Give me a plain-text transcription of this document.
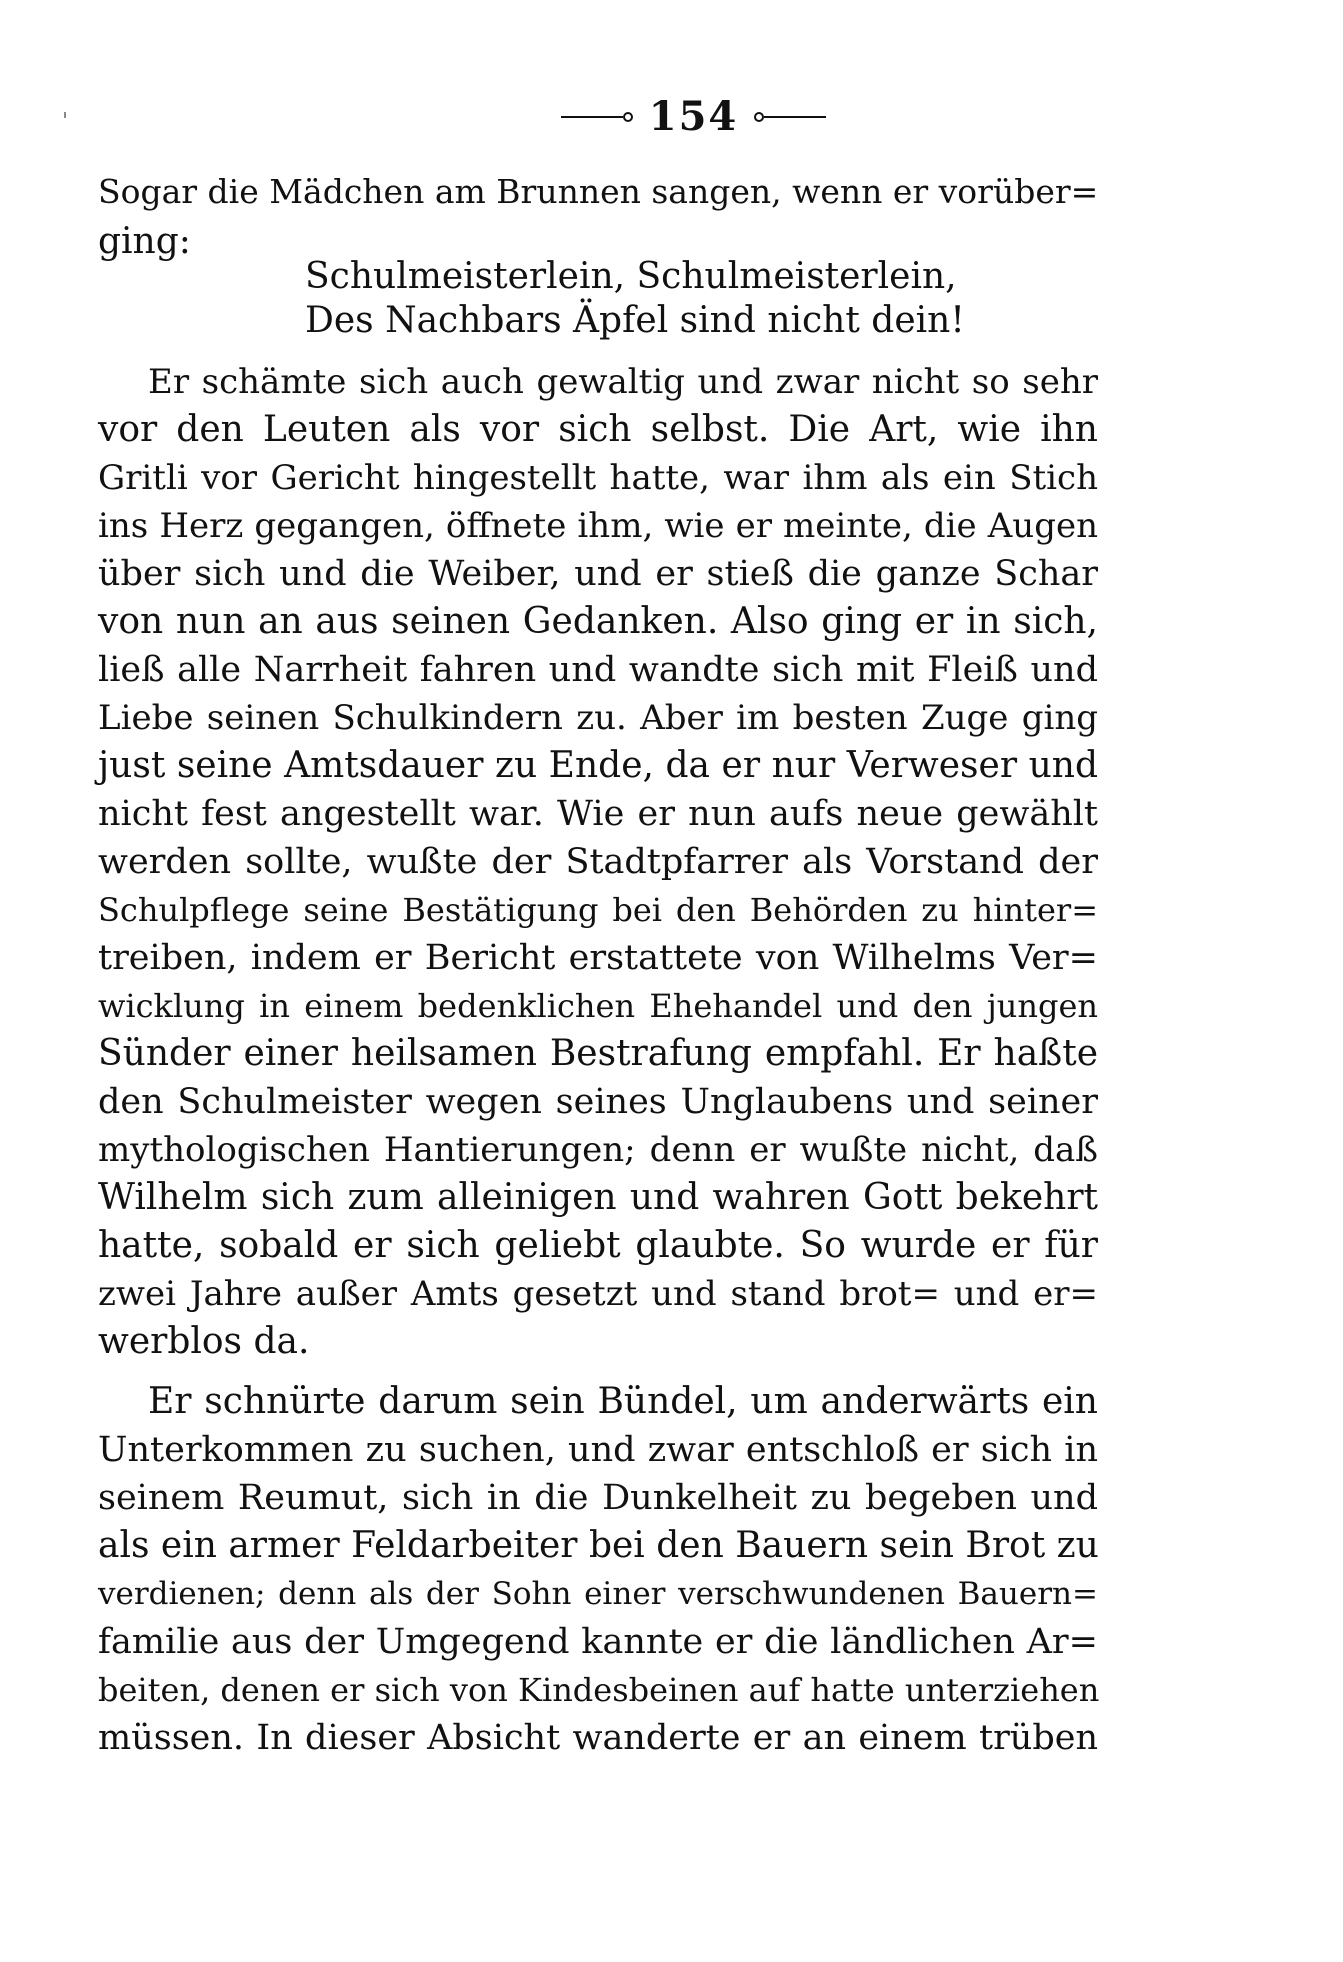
154
Sogar die Mädchen am Brunnen sangen, wenn er vorüber=
ging:
Schulmeisterlein, Schulmeisterlein,
Des Nachbars Äpfel sind nicht dein!
Er schämte sich auch gewaltig und zwar nicht so sehr
vor den Leuten als vor sich selbst. Die Art, wie ihn
Gritli vor Gericht hingestellt hatte, war ihm als ein Stich
ins Herz gegangen, öffnete ihm, wie er meinte, die Augen
über sich und die Weiber, und er stieß die ganze Schar
von nun an aus seinen Gedanken. Also ging er in sich,
ließ alle Narrheit fahren und wandte sich mit Fleiß und
Liebe seinen Schulkindern zu. Aber im besten Zuge ging
just seine Amtsdauer zu Ende, da er nur Verweser und
nicht fest angestellt war. Wie er nun aufs neue gewählt
werden sollte, wußte der Stadtpfarrer als Vorstand der
Schulpflege seine Bestätigung bei den Behörden zu hinter=
treiben, indem er Bericht erstattete von Wilhelms Ver=
wicklung in einem bedenklichen Ehehandel und den jungen
Sünder einer heilsamen Bestrafung empfahl. Er haßte
den Schulmeister wegen seines Unglaubens und seiner
mythologischen Hantierungen; denn er wußte nicht, daß
Wilhelm sich zum alleinigen und wahren Gott bekehrt
hatte, sobald er sich geliebt glaubte. So wurde er für
zwei Jahre außer Amts gesetzt und stand brot= und er=
werblos da.
Er schnürte darum sein Bündel, um anderwärts ein
Unterkommen zu suchen, und zwar entschloß er sich in
seinem Reumut, sich in die Dunkelheit zu begeben und
als ein armer Feldarbeiter bei den Bauern sein Brot zu
verdienen; denn als der Sohn einer verschwundenen Bauern=
familie aus der Umgegend kannte er die ländlichen Ar=
beiten, denen er sich von Kindesbeinen auf hatte unterziehen
müssen. In dieser Absicht wanderte er an einem trüben
